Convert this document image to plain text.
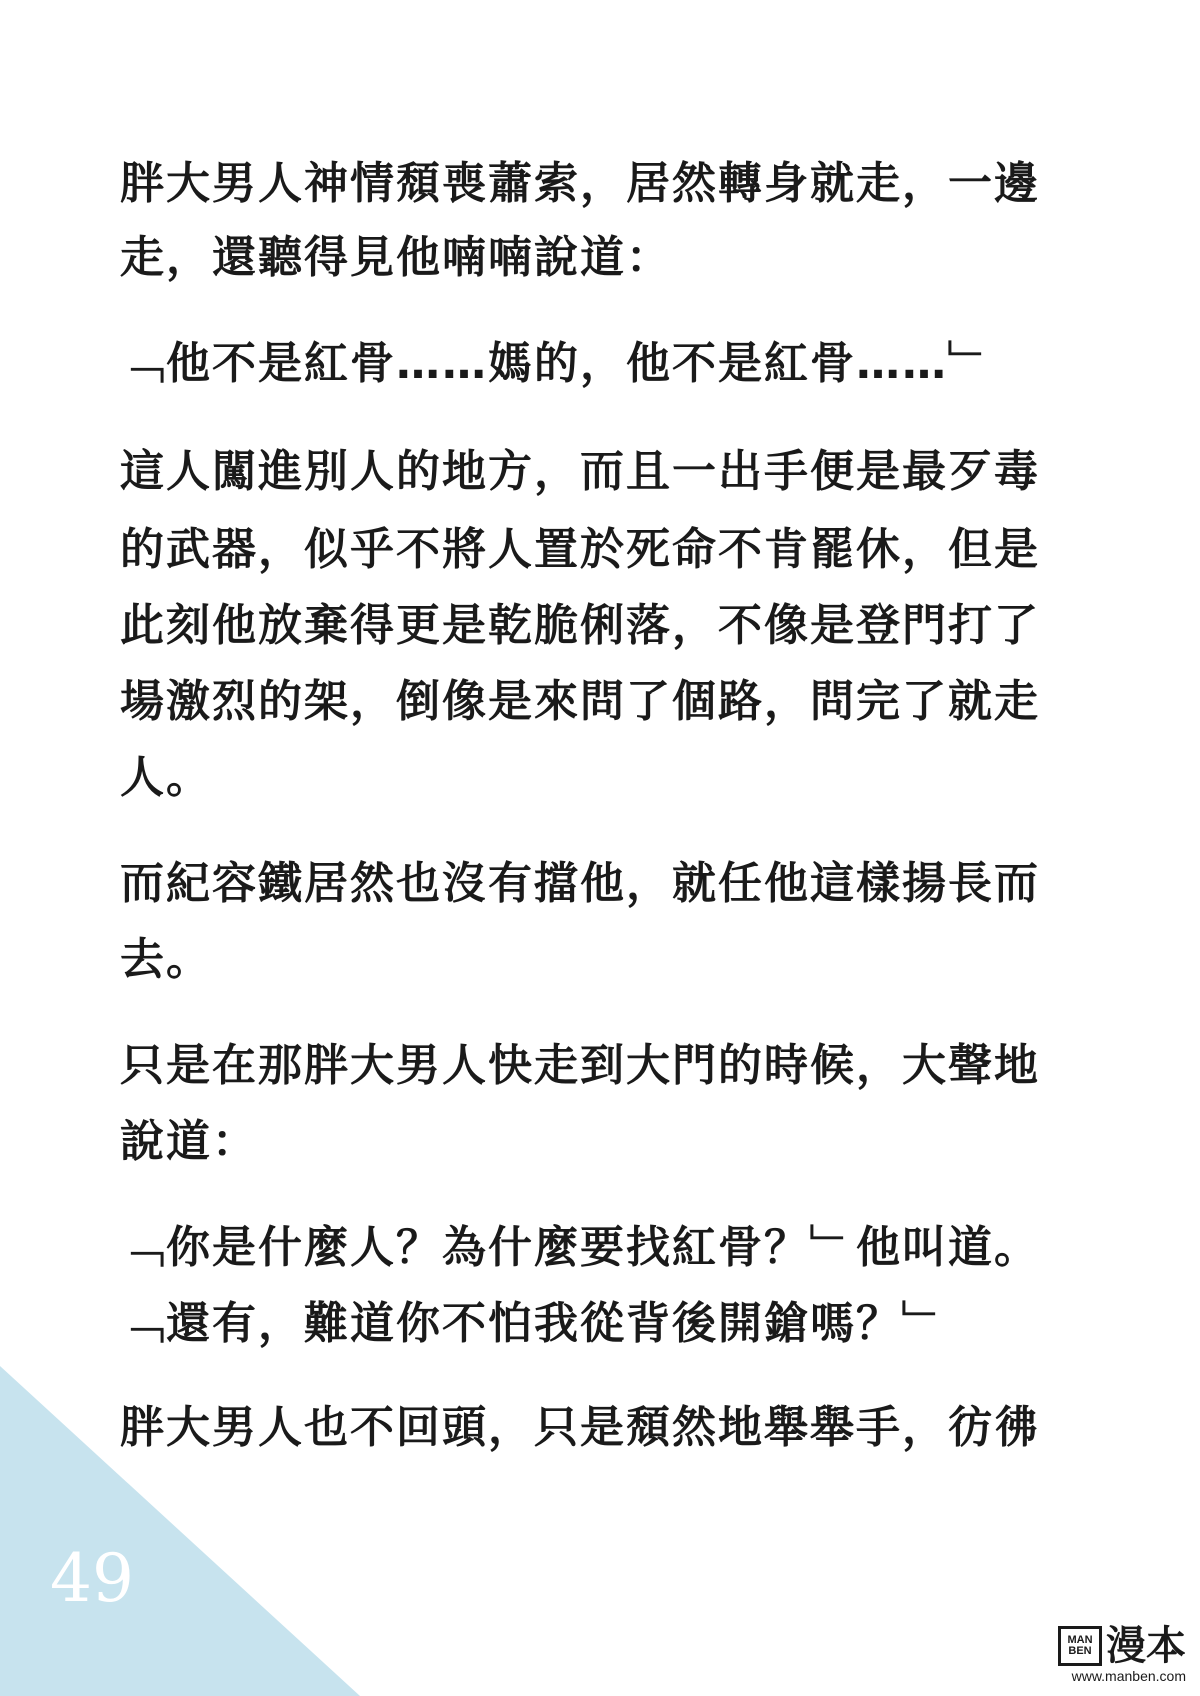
49
胖大男人神情頹喪蕭索，居然轉身就走，一邊
走，還聽得見他喃喃說道：
﹁他不是紅骨……媽的，他不是紅骨……﹂
這人闖進別人的地方，而且一出手便是最歹毒
的武器，似乎不將人置於死命不肯罷休，但是
此刻他放棄得更是乾脆俐落，不像是登門打了
場激烈的架，倒像是來問了個路，問完了就走
人。
而紀容鐵居然也沒有擋他，就任他這樣揚長而
去。
只是在那胖大男人快走到大門的時候，大聲地
說道：
﹁你是什麼人？為什麼要找紅骨？﹂他叫道。
﹁還有，難道你不怕我從背後開鎗嗎？﹂
胖大男人也不回頭，只是頹然地舉舉手，彷彿
MAN
BEN 漫本
www.manben.com
